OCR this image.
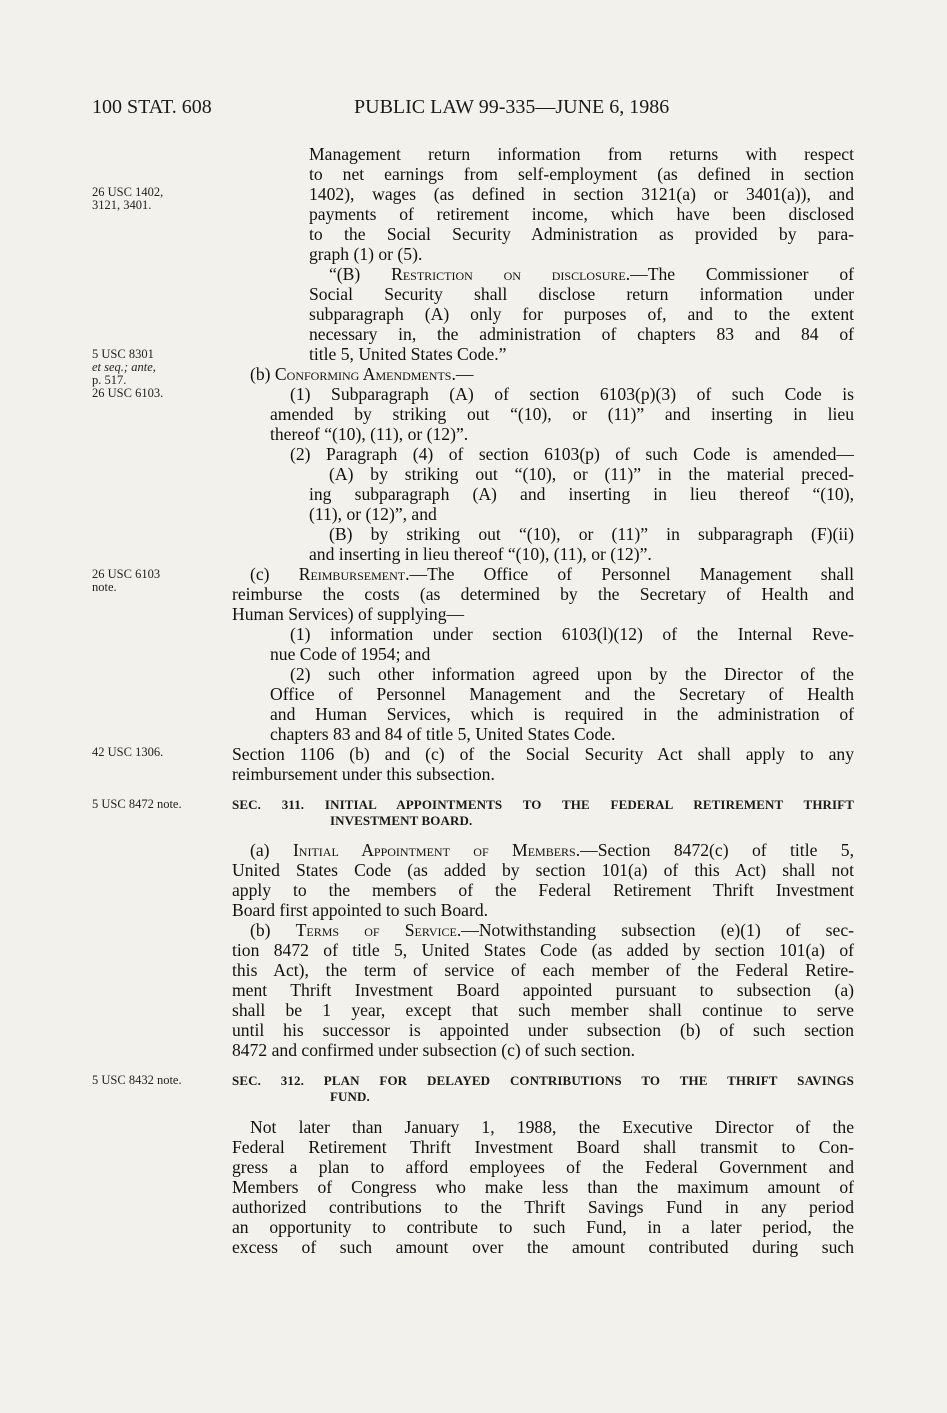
100 STAT. 608	PUBLIC LAW 99-335—JUNE 6, 1986
26 USC 1402,
3121, 3401.
5 USC 8301
et seq.; ante,
p. 517.
26 USC 6103.
26 USC 6103
note.
42 USC 1306.
5 USC 8472 note.
5 USC 8432 note.
Management return information from returns with respect
to net earnings from self-employment (as defined in section
1402), wages (as defined in section 3121(a) or 3401(a)), and
payments of retirement income, which have been disclosed
to the Social Security Administration as provided by para-
graph (1) or (5).
“(B) Restriction on disclosure.—The Commissioner of
Social Security shall disclose return information under
subparagraph (A) only for purposes of, and to the extent
necessary in, the administration of chapters 83 and 84 of
title 5, United States Code.”
(b) Conforming Amendments.—
(1) Subparagraph (A) of section 6103(p)(3) of such Code is
amended by striking out “(10), or (11)” and inserting in lieu
thereof “(10), (11), or (12)”.
(2) Paragraph (4) of section 6103(p) of such Code is amended—
(A) by striking out “(10), or (11)” in the material preced-
ing subparagraph (A) and inserting in lieu thereof “(10),
(11), or (12)”, and
(B) by striking out “(10), or (11)” in subparagraph (F)(ii)
and inserting in lieu thereof “(10), (11), or (12)”.
(c) Reimbursement.—The Office of Personnel Management shall
reimburse the costs (as determined by the Secretary of Health and
Human Services) of supplying—
(1) information under section 6103(l)(12) of the Internal Reve-
nue Code of 1954; and
(2) such other information agreed upon by the Director of the
Office of Personnel Management and the Secretary of Health
and Human Services, which is required in the administration of
chapters 83 and 84 of title 5, United States Code.
Section 1106 (b) and (c) of the Social Security Act shall apply to any
reimbursement under this subsection.
SEC. 311. INITIAL APPOINTMENTS TO THE FEDERAL RETIREMENT THRIFT
INVESTMENT BOARD.
(a) Initial Appointment of Members.—Section 8472(c) of title 5,
United States Code (as added by section 101(a) of this Act) shall not
apply to the members of the Federal Retirement Thrift Investment
Board first appointed to such Board.
(b) Terms of Service.—Notwithstanding subsection (e)(1) of sec-
tion 8472 of title 5, United States Code (as added by section 101(a) of
this Act), the term of service of each member of the Federal Retire-
ment Thrift Investment Board appointed pursuant to subsection (a)
shall be 1 year, except that such member shall continue to serve
until his successor is appointed under subsection (b) of such section
8472 and confirmed under subsection (c) of such section.
SEC. 312. PLAN FOR DELAYED CONTRIBUTIONS TO THE THRIFT SAVINGS
FUND.
Not later than January 1, 1988, the Executive Director of the
Federal Retirement Thrift Investment Board shall transmit to Con-
gress a plan to afford employees of the Federal Government and
Members of Congress who make less than the maximum amount of
authorized contributions to the Thrift Savings Fund in any period
an opportunity to contribute to such Fund, in a later period, the
excess of such amount over the amount contributed during such
